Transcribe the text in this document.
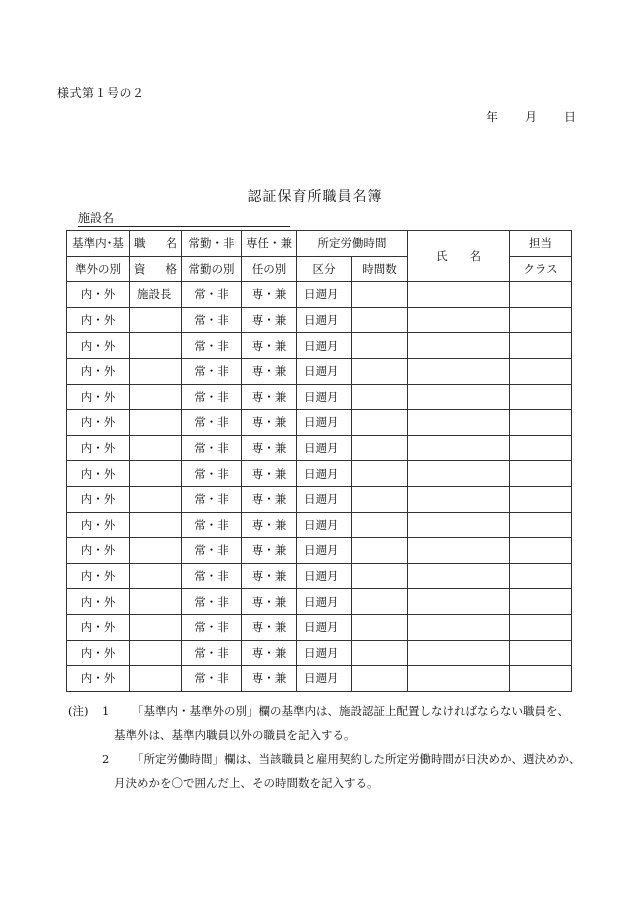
様式第１号の２
年 月 日
認証保育所職員名簿
施設名
基準内･基	職 名	常勤・非	専任・兼	所定労働時間		氏 名	担当
準外の別	資 格	常勤の別	任の別	区分	時間数		クラス
内・外	施設長	常・非	専・兼	日週月			
内・外		常・非	専・兼	日週月			
内・外		常・非	専・兼	日週月			
内・外		常・非	専・兼	日週月			
内・外		常・非	専・兼	日週月			
内・外		常・非	専・兼	日週月			
内・外		常・非	専・兼	日週月			
内・外		常・非	専・兼	日週月			
内・外		常・非	専・兼	日週月			
内・外		常・非	専・兼	日週月			
内・外		常・非	専・兼	日週月			
内・外		常・非	専・兼	日週月			
内・外		常・非	専・兼	日週月			
内・外		常・非	専・兼	日週月			
内・外		常・非	専・兼	日週月			
内・外		常・非	専・兼	日週月			
(注)	1	「基準内・基準外の別」欄の基準内は、施設認証上配置しなければならない職員を、
基準外は、基準内職員以外の職員を記入する。
2	「所定労働時間」欄は、当該職員と雇用契約した所定労働時間が日決めか、週決めか、
月決めかを〇で囲んだ上、その時間数を記入する。
